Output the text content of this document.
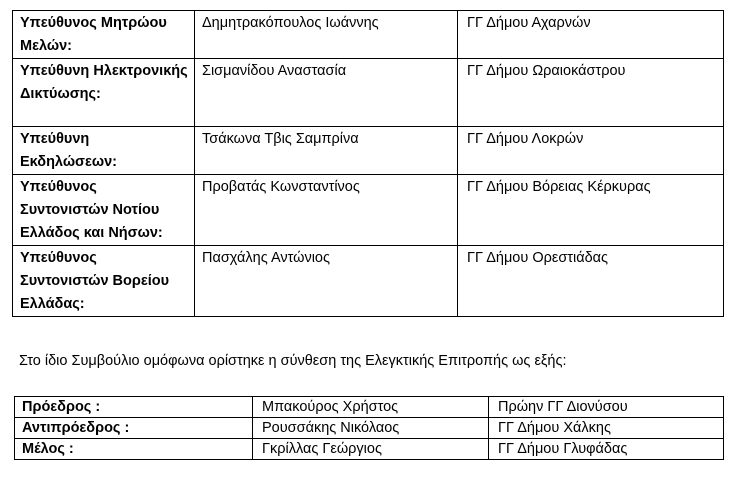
Υπεύθυνος Μητρώου Μελών:	Δημητρακόπουλος Ιωάννης	ΓΓ Δήμου Αχαρνών
Υπεύθυνη Ηλεκτρονικής Δικτύωσης:	Σισμανίδου Αναστασία	ΓΓ Δήμου Ωραιοκάστρου
Υπεύθυνη Εκδηλώσεων:	Τσάκωνα Τβις Σαμπρίνα	ΓΓ Δήμου Λοκρών
Υπεύθυνος Συντονιστών Νοτίου Ελλάδος και Νήσων:	Προβατάς Κωνσταντίνος	ΓΓ Δήμου Βόρειας Κέρκυρας
Υπεύθυνος Συντονιστών Βορείου Ελλάδας:	Πασχάλης Αντώνιος	ΓΓ Δήμου Ορεστιάδας
Στο ίδιο Συμβούλιο ομόφωνα ορίστηκε η σύνθεση της Ελεγκτικής Επιτροπής ως εξής:
Πρόεδρος :	Μπακούρος Χρήστος	Πρώην ΓΓ Διονύσου
Αντιπρόεδρος :	Ρουσσάκης Νικόλαος	ΓΓ Δήμου Χάλκης
Μέλος :	Γκρίλλας Γεώργιος	ΓΓ Δήμου Γλυφάδας
